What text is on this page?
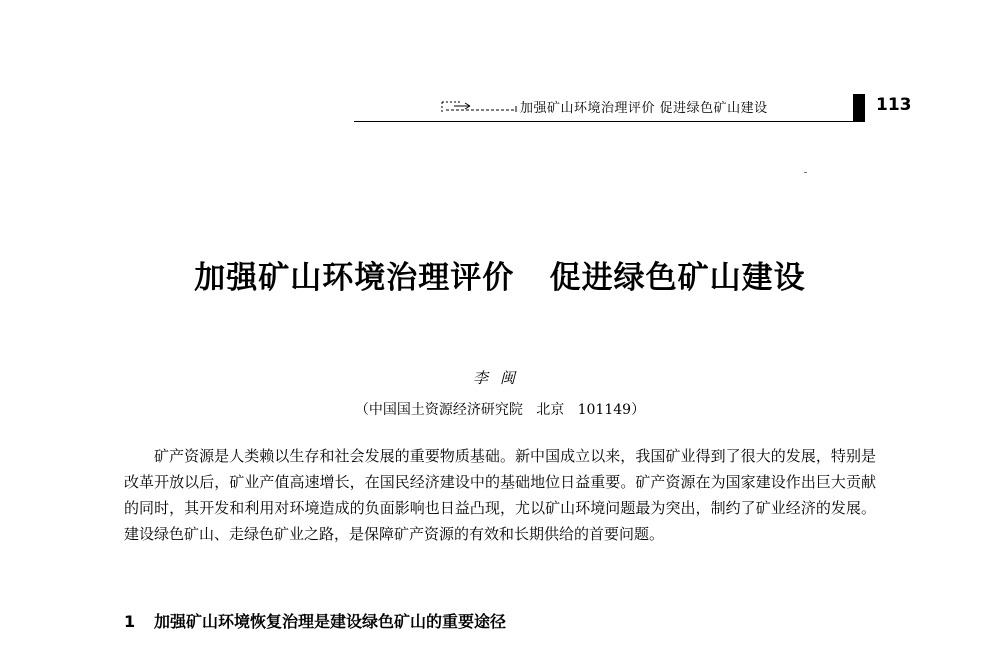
加强矿山环境治理评价 促进绿色矿山建设	113
加强矿山环境治理评价   促进绿色矿山建设
李闽
（中国国土资源经济研究院   北京   101149）

矿产资源是人类赖以生存和社会发展的重要物质基础。新中国成立以来，我国矿业得到了很大的发展，特别是改革开放以后，矿业产值高速增长，在国民经济建设中的基础地位日益重要。矿产资源在为国家建设作出巨大贡献的同时，其开发和利用对环境造成的负面影响也日益凸现，尤以矿山环境问题最为突出，制约了矿业经济的发展。建设绿色矿山、走绿色矿业之路，是保障矿产资源的有效和长期供给的首要问题。

1 加强矿山环境恢复治理是建设绿色矿山的重要途径
